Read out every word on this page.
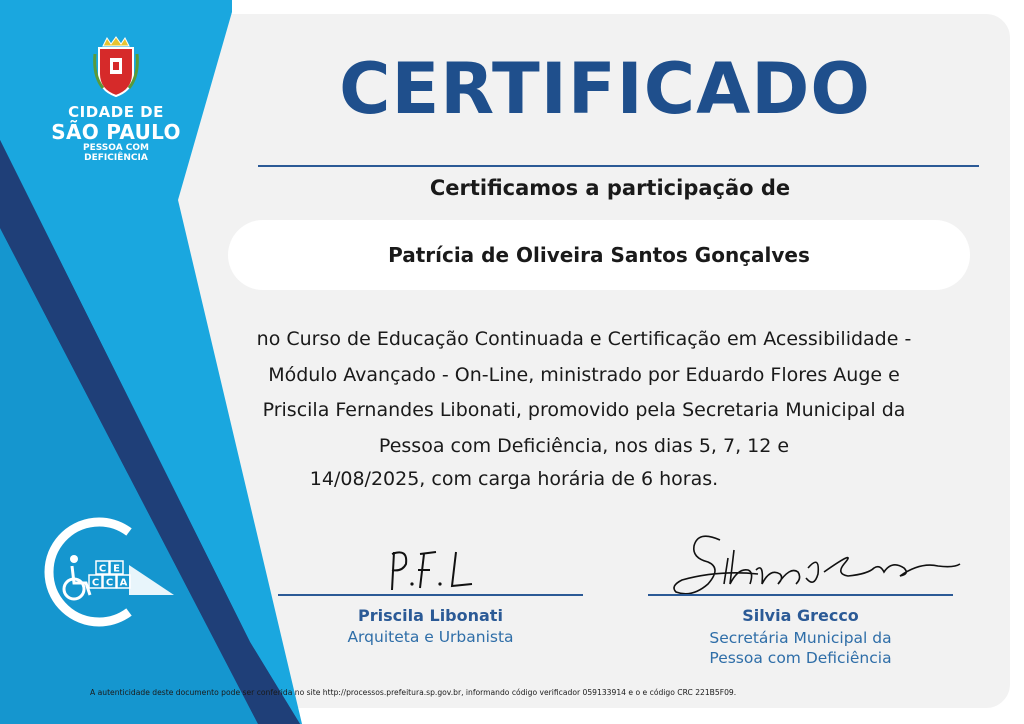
CIDADE DE
SÃO PAULO
PESSOA COM
DEFICIÊNCIA
C E
C C A
CERTIFICADO
Certificamos a participação de
Patrícia de Oliveira Santos Gonçalves
no Curso de Educação Continuada e Certificação em Acessibilidade -
Módulo Avançado - On-Line, ministrado por Eduardo Flores Auge e
Priscila Fernandes Libonati, promovido pela Secretaria Municipal da
Pessoa com Deficiência, nos dias 5, 7, 12 e
14/08/2025, com carga horária de 6 horas.
Priscila Libonati
Arquiteta e Urbanista
Silvia Grecco
Secretária Municipal da
Pessoa com Deficiência
A autenticidade deste documento pode ser conferida no site http://processos.prefeitura.sp.gov.br, informando código verificador 059133914 e o e código CRC 221B5F09.
